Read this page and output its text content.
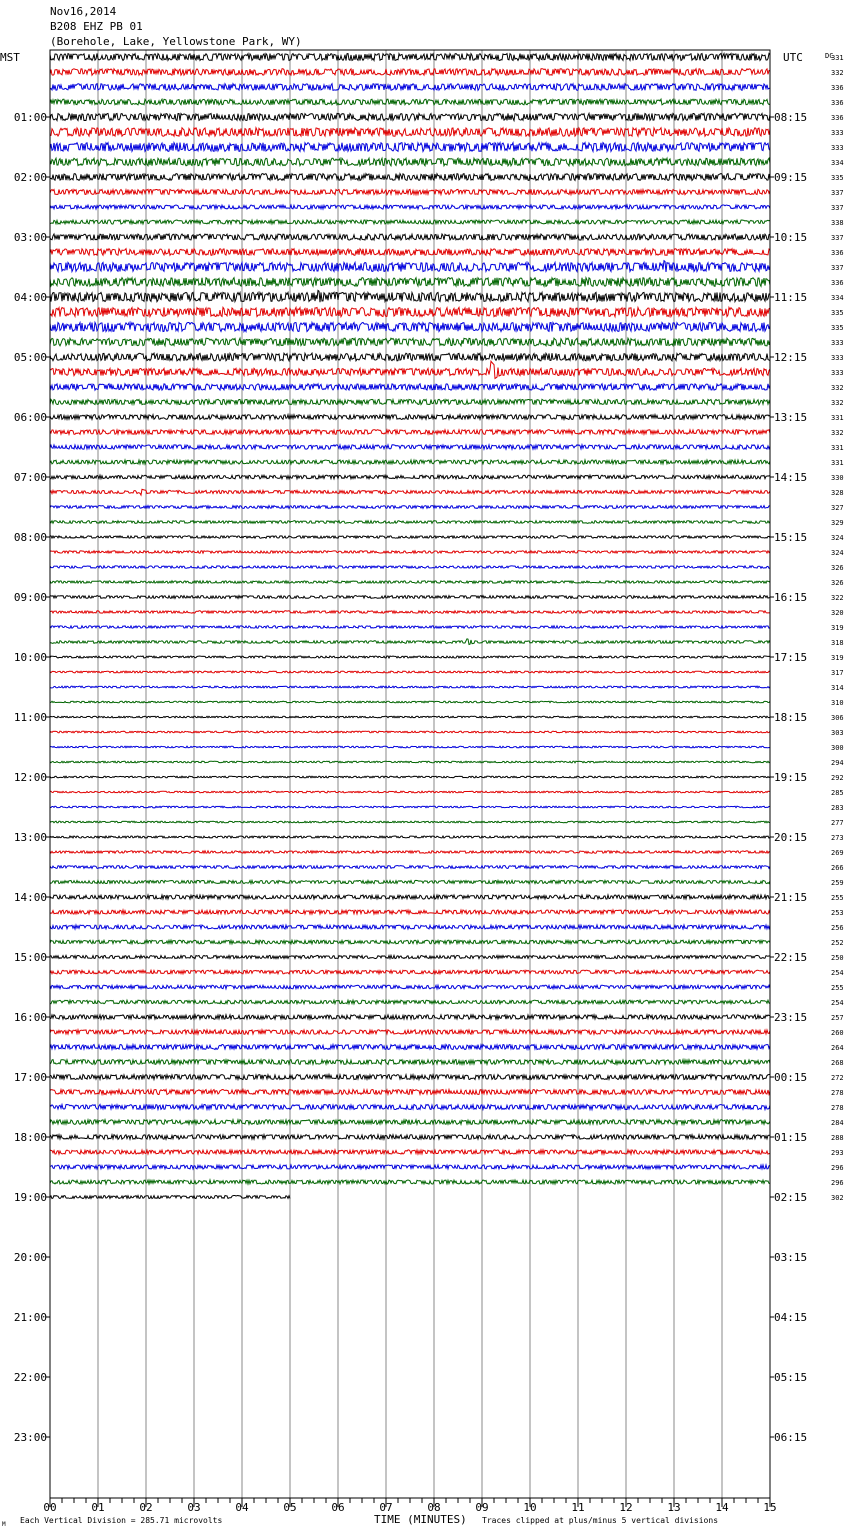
Nov16,2014
B208 EHZ PB 01
(Borehole, Lake, Yellowstone Park, WY)
00	01	02	03	04	05	06	07	08	09	10	11	12	13	14	15
01:00
02:00
03:00
04:00
05:00
06:00
07:00
08:00
09:00
10:00
11:00
12:00
13:00
14:00
15:00
16:00
17:00
18:00
19:00
20:00
21:00
22:00
23:00
08:15
09:15
10:15
11:15
12:15
13:15
14:15
15:15
16:15
17:15
18:15
19:15
20:15
21:15
22:15
23:15
00:15
01:15
02:15
03:15
04:15
05:15
06:15
331
332
336
336
336
333
333
334
335
337
337
338
337
336
337
336
334
335
335
333
333
333
332
332
331
332
331
331
330
328
327
329
324
324
326
326
322
320
319
318
319
317
314
310
306
303
300
294
292
285
283
277
273
269
266
259
255
253
256
252
250
254
255
254
257
260
264
268
272
278
278
284
288
293
296
296
302
MST	UTC	DC
TIME (MINUTES)
Each Vertical Division = 285.71 microvolts	Traces clipped at plus/minus 5 vertical divisions
M
